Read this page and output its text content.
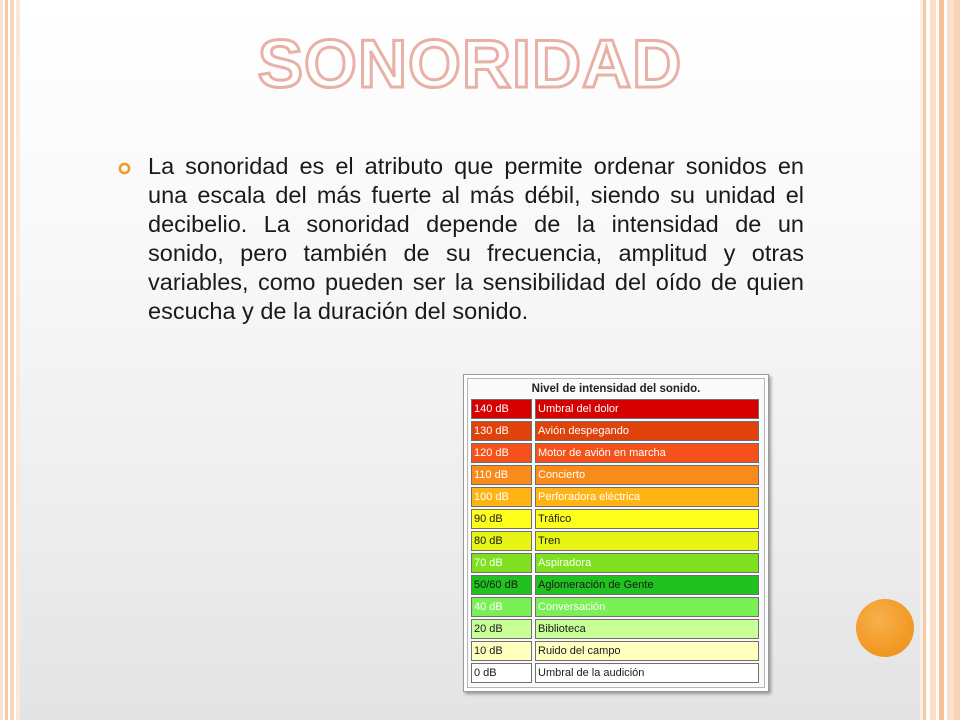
SONORIDAD
La sonoridad es el atributo que permite ordenar sonidos en una escala del más fuerte al más débil, siendo su unidad el decibelio. La sonoridad depende de la intensidad de un sonido, pero también de su frecuencia, amplitud y otras variables, como pueden ser la sensibilidad del oído de quien escucha y de la duración del sonido.
Nivel de intensidad del sonido.
140 dB	Umbral del dolor
130 dB	Avión despegando
120 dB	Motor de avión en marcha
110 dB	Concierto
100 dB	Perforadora eléctrica
90 dB	Tráfico
80 dB	Tren
70 dB	Aspiradora
50/60 dB	Aglomeración de Gente
40 dB	Conversación
20 dB	Biblioteca
10 dB	Ruido del campo
0 dB	Umbral de la audición
